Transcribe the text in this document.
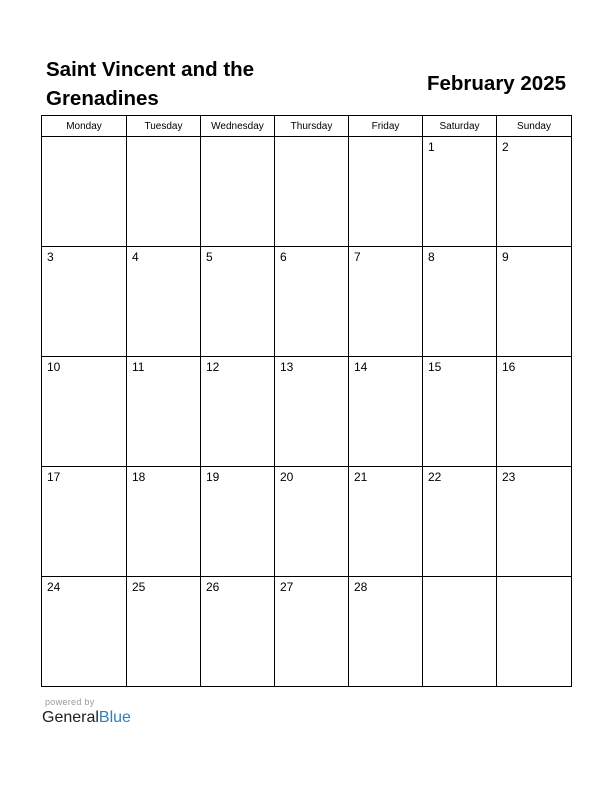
Saint Vincent and the
Grenadines
February 2025
Monday	Tuesday	Wednesday	Thursday	Friday	Saturday	Sunday

					1	2

3	4	5	6	7	8	9

10	11	12	13	14	15	16

17	18	19	20	21	22	23

24	25	26	27	28		

powered by
GeneralBlue
